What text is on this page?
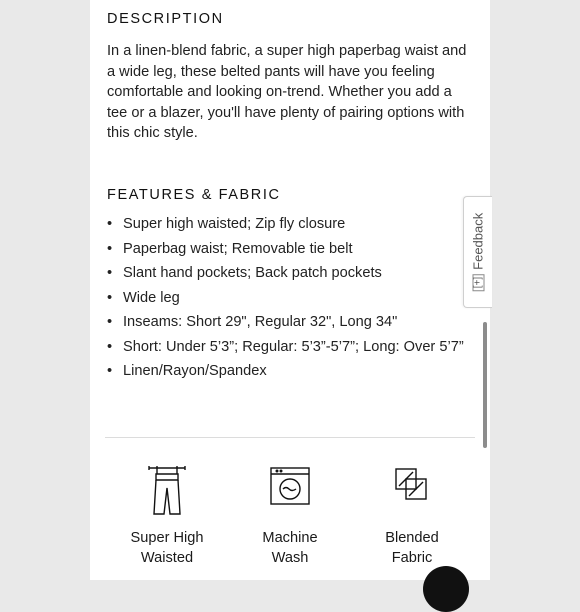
DESCRIPTION
In a linen-blend fabric, a super high paperbag waist and a wide leg, these belted pants will have you feeling comfortable and looking on-trend. Whether you add a tee or a blazer, you'll have plenty of pairing options with this chic style.
FEATURES & FABRIC
• Super high waisted; Zip fly closure
• Paperbag waist; Removable tie belt
• Slant hand pockets; Back patch pockets
• Wide leg
• Inseams: Short 29", Regular 32", Long 34"
• Short: Under 5’3”; Regular: 5’3”-5’7”; Long: Over 5’7”
• Linen/Rayon/Spandex
Super High
Waisted
Machine
Wash
Blended
Fabric
[+]
Feedback
